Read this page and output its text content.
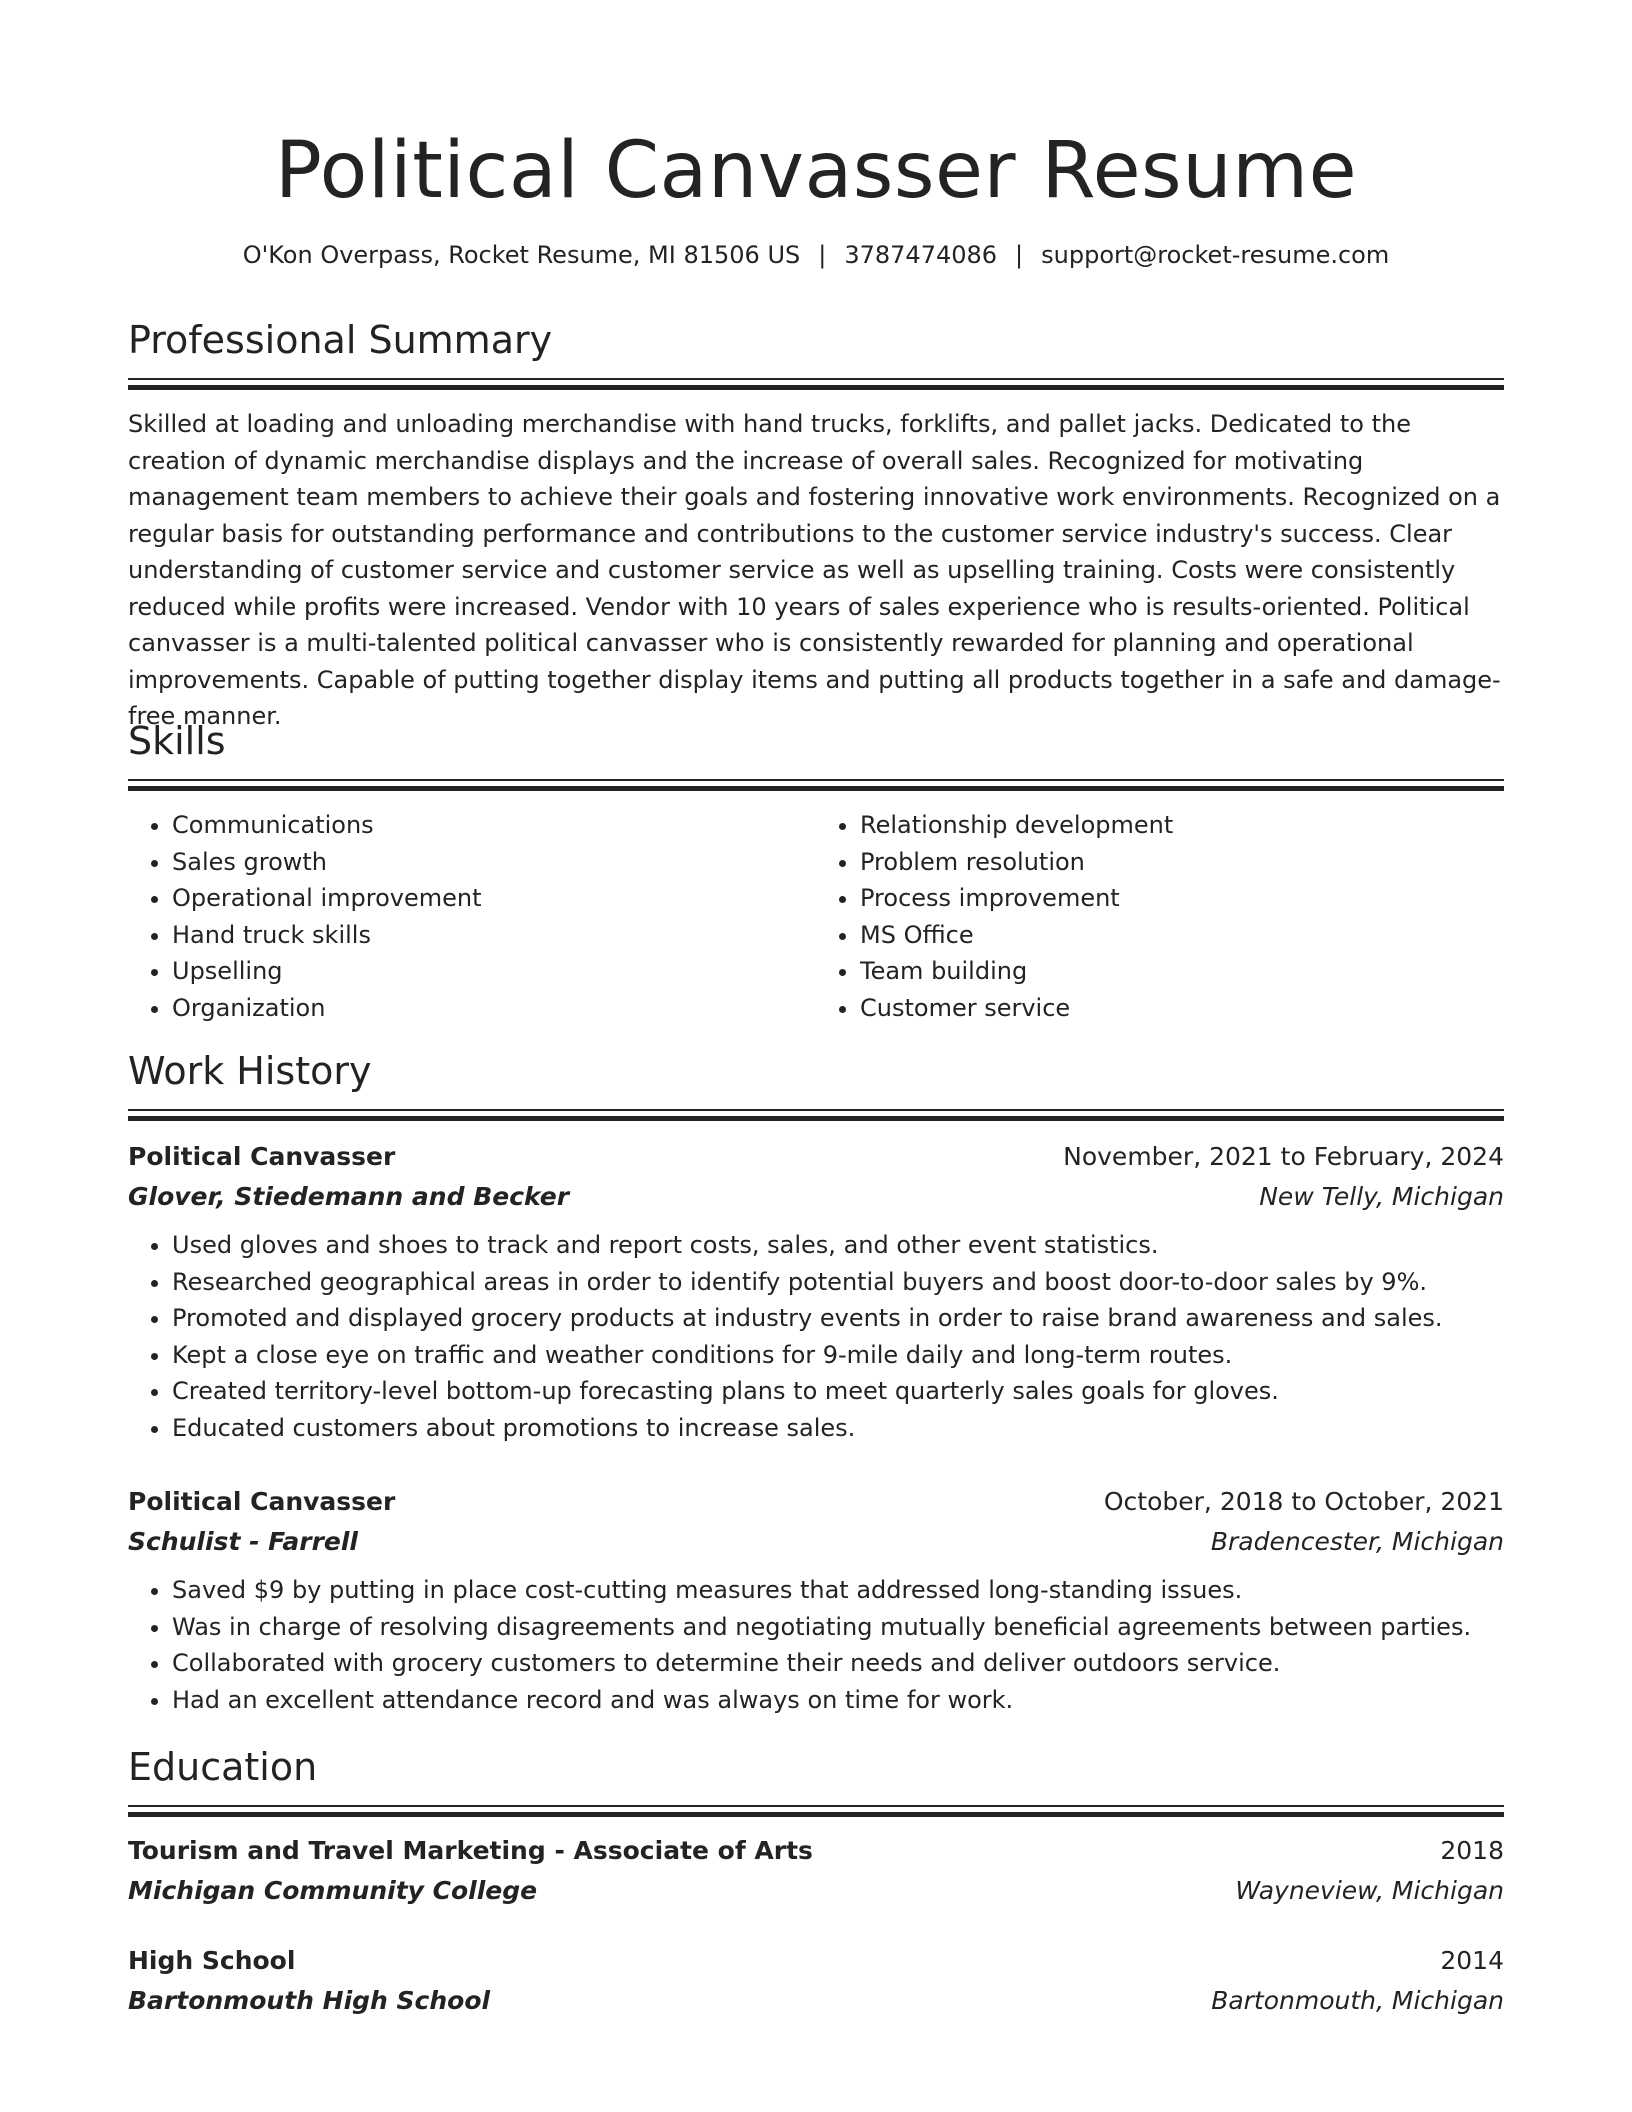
Political Canvasser Resume
O'Kon Overpass, Rocket Resume, MI 81506 US | 3787474086 | support@rocket-resume.com
Professional Summary

Skilled at loading and unloading merchandise with hand trucks, forklifts, and pallet jacks. Dedicated to the creation of dynamic merchandise displays and the increase of overall sales. Recognized for motivating management team members to achieve their goals and fostering innovative work environments. Recognized on a regular basis for outstanding performance and contributions to the customer service industry's success. Clear understanding of customer service and customer service as well as upselling training. Costs were consistently reduced while profits were increased. Vendor with 10 years of sales experience who is results-oriented. Political canvasser is a multi-talented political canvasser who is consistently rewarded for planning and operational improvements. Capable of putting together display items and putting all products together in a safe and damage-free manner.

Skills
• Communications
• Sales growth
• Operational improvement
• Hand truck skills
• Upselling
• Organization
• Relationship development
• Problem resolution
• Process improvement
• MS Office
• Team building
• Customer service
Work History
Political Canvasser	November, 2021 to February, 2024
Glover, Stiedemann and Becker	New Telly, Michigan
• Used gloves and shoes to track and report costs, sales, and other event statistics.
• Researched geographical areas in order to identify potential buyers and boost door-to-door sales by 9%.
• Promoted and displayed grocery products at industry events in order to raise brand awareness and sales.
• Kept a close eye on traffic and weather conditions for 9-mile daily and long-term routes.
• Created territory-level bottom-up forecasting plans to meet quarterly sales goals for gloves.
• Educated customers about promotions to increase sales.
Political Canvasser	October, 2018 to October, 2021
Schulist - Farrell	Bradencester, Michigan
• Saved $9 by putting in place cost-cutting measures that addressed long-standing issues.
• Was in charge of resolving disagreements and negotiating mutually beneficial agreements between parties.
• Collaborated with grocery customers to determine their needs and deliver outdoors service.
• Had an excellent attendance record and was always on time for work.
Education
Tourism and Travel Marketing - Associate of Arts	2018
Michigan Community College	Wayneview, Michigan
High School	2014
Bartonmouth High School	Bartonmouth, Michigan
